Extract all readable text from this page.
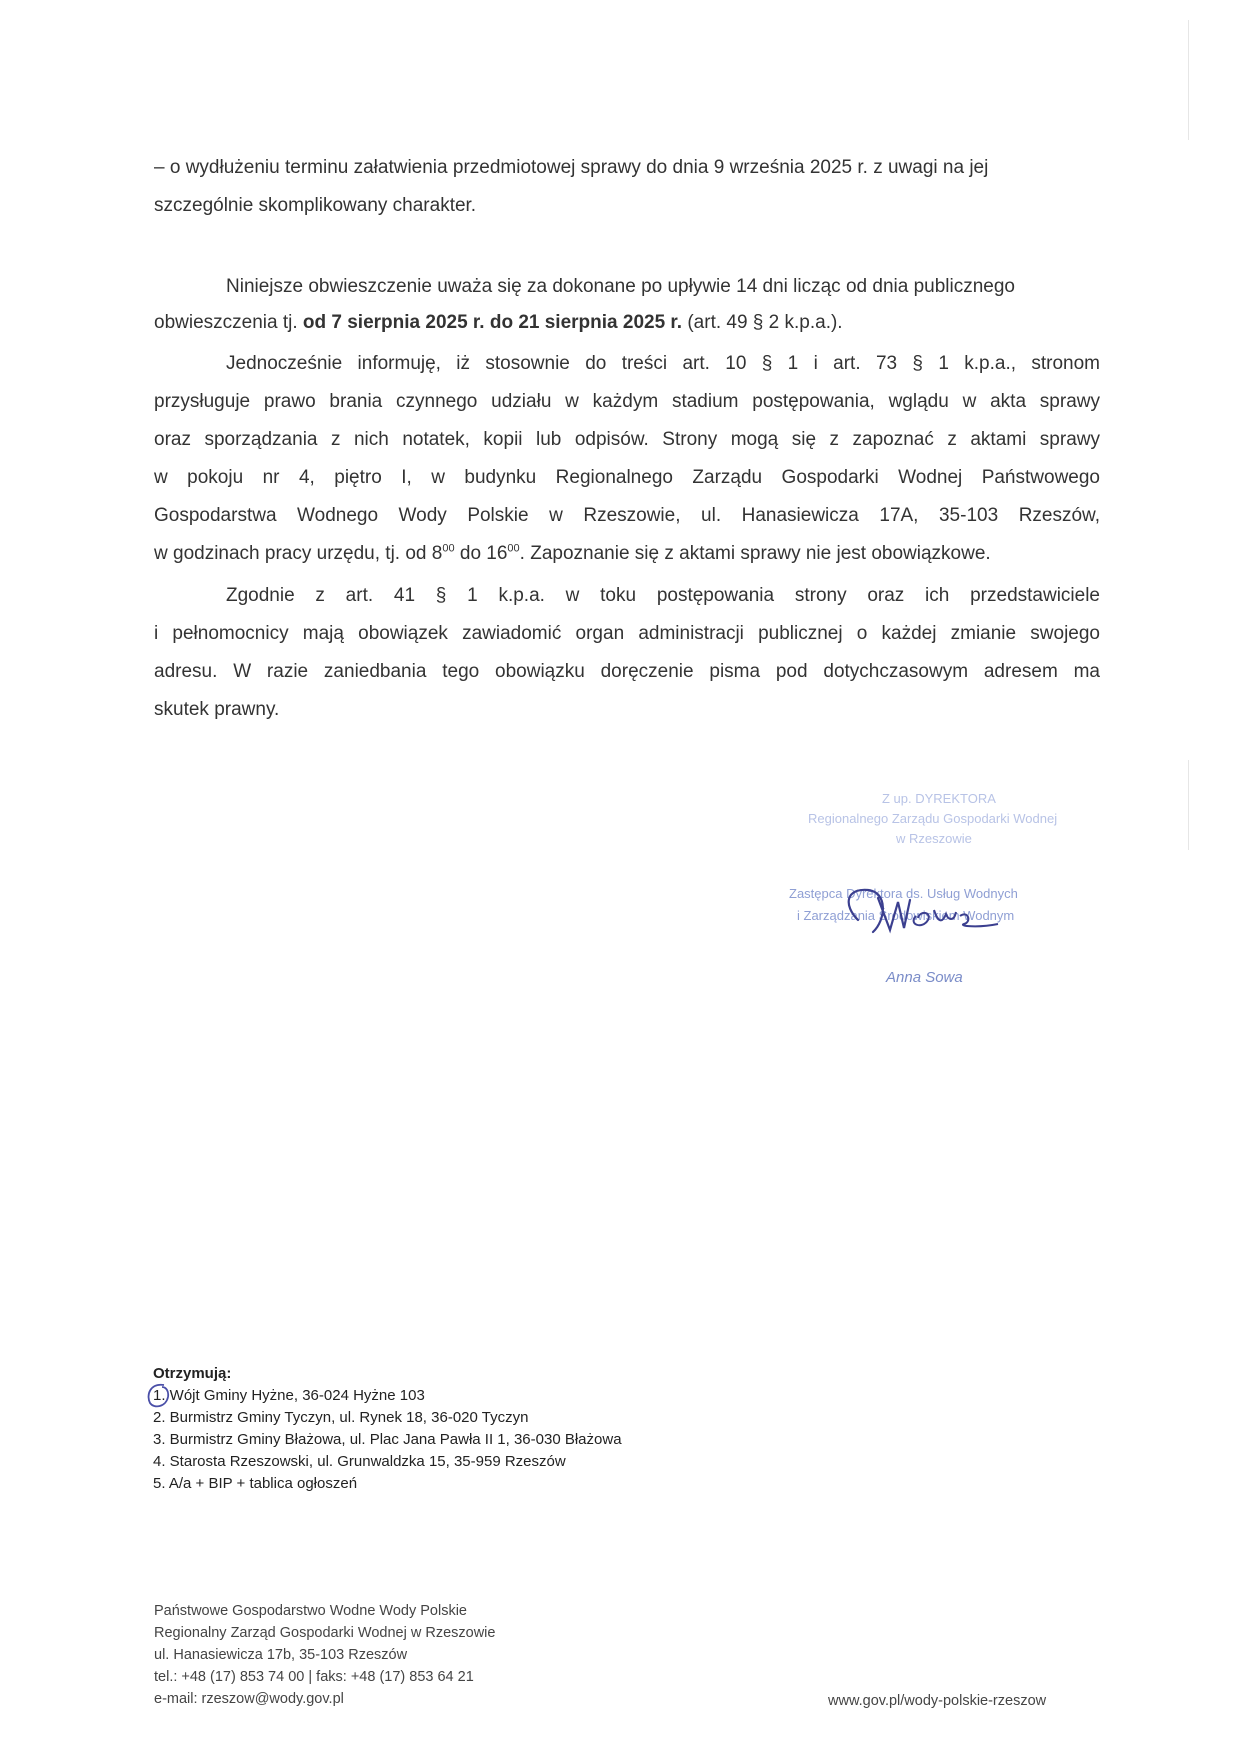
– o wydłużeniu terminu załatwienia przedmiotowej sprawy do dnia 9 września 2025 r. z uwagi na jej
szczególnie skomplikowany charakter.
Niniejsze obwieszczenie uważa się za dokonane po upływie 14 dni licząc od dnia publicznego
obwieszczenia tj. od 7 sierpnia 2025 r. do 21 sierpnia 2025 r. (art. 49 § 2 k.p.a.).
Jednocześnie informuję, iż stosownie do treści art. 10 § 1 i art. 73 § 1 k.p.a., stronom
przysługuje prawo brania czynnego udziału w każdym stadium postępowania, wglądu w akta sprawy
oraz sporządzania z nich notatek, kopii lub odpisów. Strony mogą się z zapoznać z aktami sprawy
w pokoju nr 4, piętro I, w budynku Regionalnego Zarządu Gospodarki Wodnej Państwowego
Gospodarstwa Wodnego Wody Polskie w Rzeszowie, ul. Hanasiewicza 17A, 35-103 Rzeszów,
w godzinach pracy urzędu, tj. od $8^{00}$ do $16^{00}$. Zapoznanie się z aktami sprawy nie jest obowiązkowe.
Zgodnie z art. 41 § 1 k.p.a. w toku postępowania strony oraz ich przedstawiciele
i pełnomocnicy mają obowiązek zawiadomić organ administracji publicznej o każdej zmianie swojego
adresu. W razie zaniedbania tego obowiązku doręczenie pisma pod dotychczasowym adresem ma
skutek prawny.
Z up. DYREKTORA
Regionalnego Zarządu Gospodarki Wodnej
w Rzeszowie
Zastępca Dyrektora ds. Usług Wodnych
i Zarządzania Środowiskiem Wodnym
Anna Sowa
Otrzymują:
1. Wójt Gminy Hyżne, 36-024 Hyżne 103
2. Burmistrz Gminy Tyczyn, ul. Rynek 18, 36-020 Tyczyn
3. Burmistrz Gminy Błażowa, ul. Plac Jana Pawła II 1, 36-030 Błażowa
4. Starosta Rzeszowski, ul. Grunwaldzka 15, 35-959 Rzeszów
5. A/a + BIP + tablica ogłoszeń
Państwowe Gospodarstwo Wodne Wody Polskie
Regionalny Zarząd Gospodarki Wodnej w Rzeszowie
ul. Hanasiewicza 17b, 35-103 Rzeszów
tel.: +48 (17) 853 74 00 | faks: +48 (17) 853 64 21
e-mail: rzeszow@wody.gov.pl	www.gov.pl/wody-polskie-rzeszow
